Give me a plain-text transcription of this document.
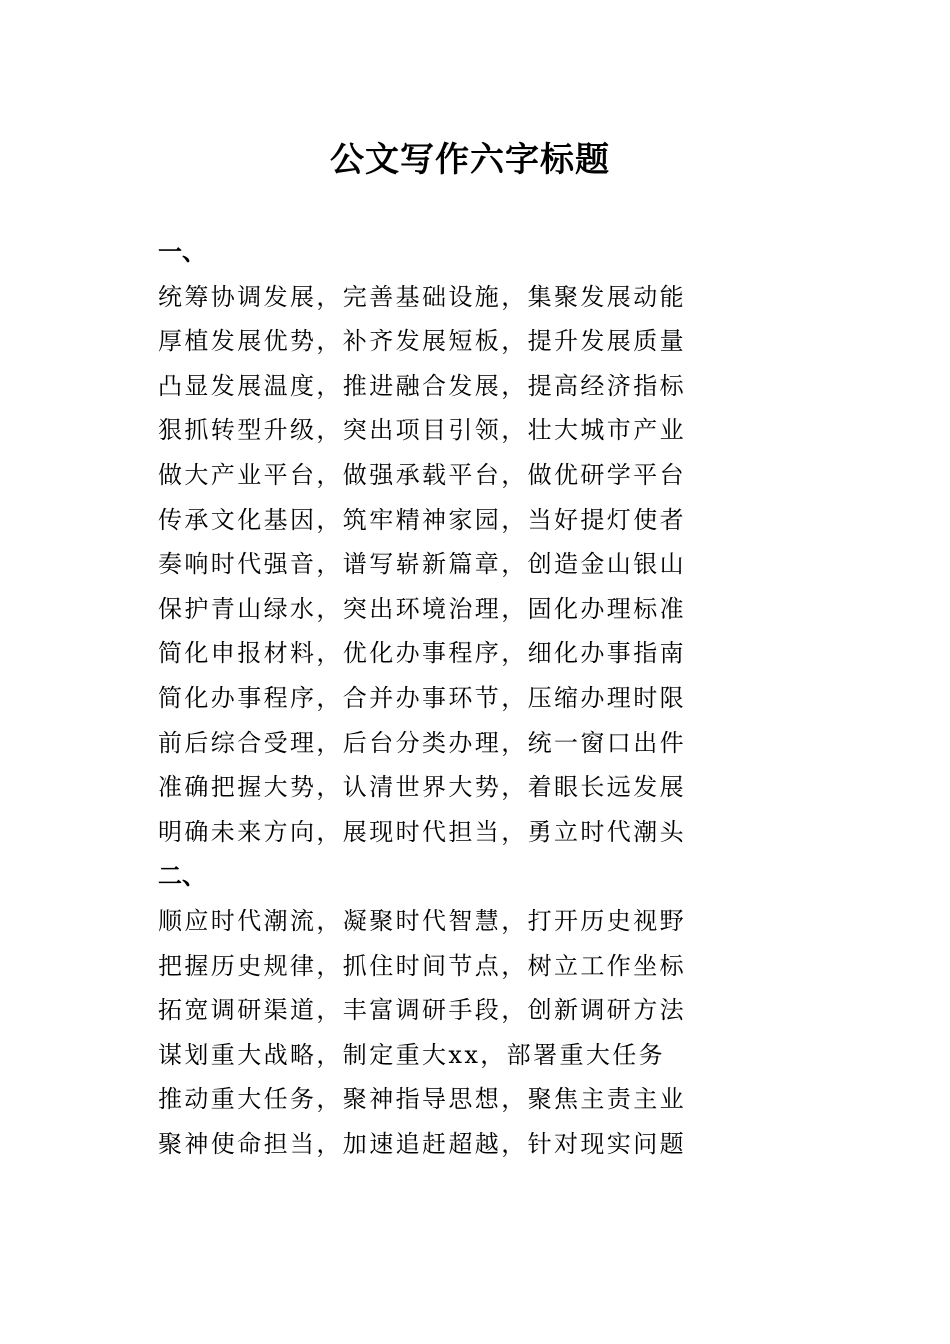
公文写作六字标题
一、
统筹协调发展，完善基础设施，集聚发展动能
厚植发展优势，补齐发展短板，提升发展质量
凸显发展温度，推进融合发展，提高经济指标
狠抓转型升级，突出项目引领，壮大城市产业
做大产业平台，做强承载平台，做优研学平台
传承文化基因，筑牢精神家园，当好提灯使者
奏响时代强音，谱写崭新篇章，创造金山银山
保护青山绿水，突出环境治理，固化办理标准
简化申报材料，优化办事程序，细化办事指南
简化办事程序，合并办事环节，压缩办理时限
前后综合受理，后台分类办理，统一窗口出件
准确把握大势，认清世界大势，着眼长远发展
明确未来方向，展现时代担当，勇立时代潮头
二、
顺应时代潮流，凝聚时代智慧，打开历史视野
把握历史规律，抓住时间节点，树立工作坐标
拓宽调研渠道，丰富调研手段，创新调研方法
谋划重大战略，制定重大xx，部署重大任务
推动重大任务，聚神指导思想，聚焦主责主业
聚神使命担当，加速追赶超越，针对现实问题
